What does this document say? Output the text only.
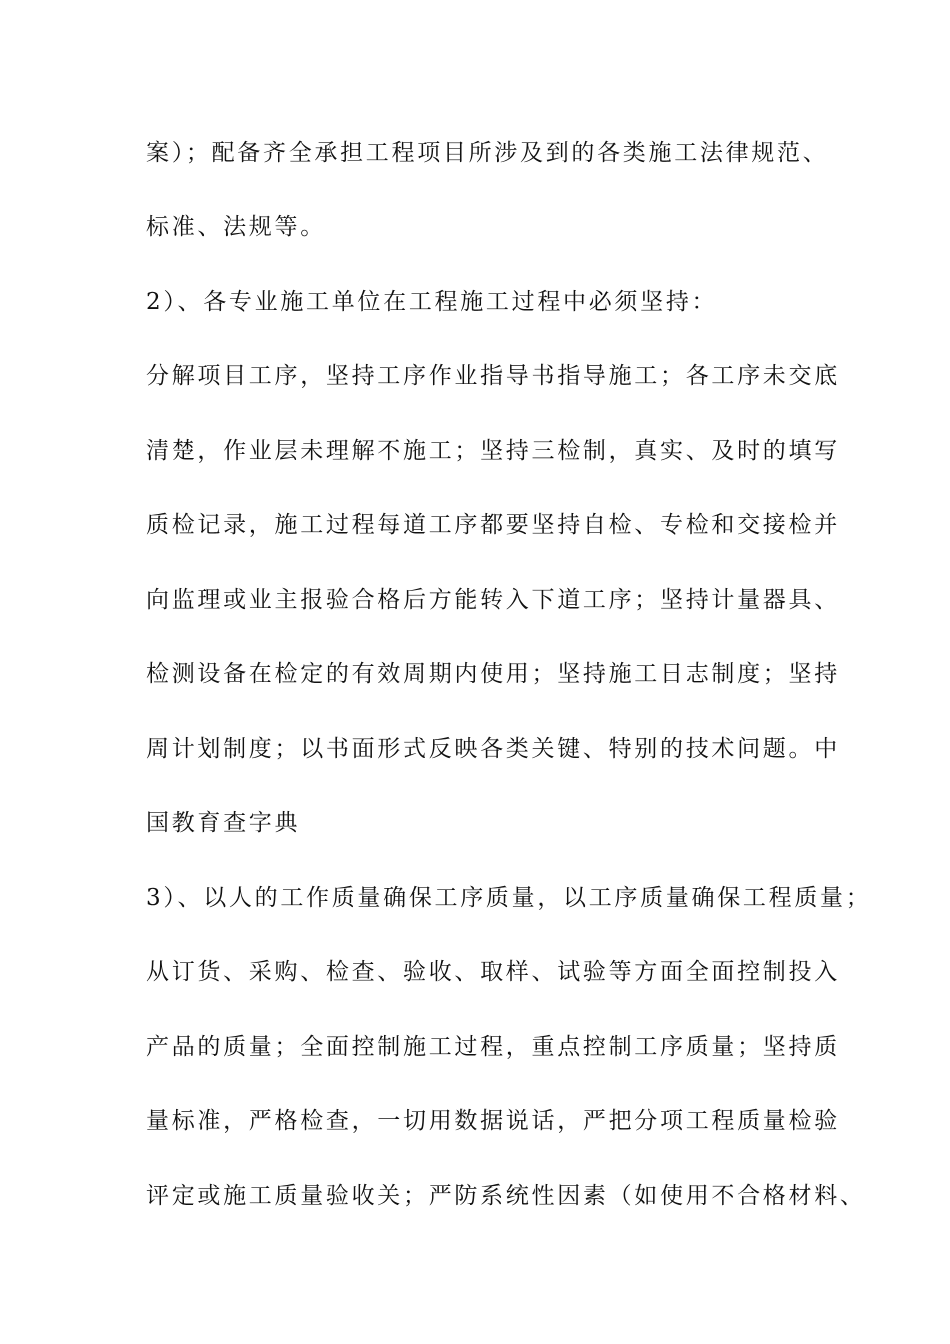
案）；配备齐全承担工程项目所涉及到的各类施工法律规范、
标准、法规等。
2）、各专业施工单位在工程施工过程中必须坚持：
分解项目工序，坚持工序作业指导书指导施工；各工序未交底
清楚，作业层未理解不施工；坚持三检制，真实、及时的填写
质检记录，施工过程每道工序都要坚持自检、专检和交接检并
向监理或业主报验合格后方能转入下道工序；坚持计量器具、
检测设备在检定的有效周期内使用；坚持施工日志制度；坚持
周计划制度；以书面形式反映各类关键、特别的技术问题。中
国教育查字典
3）、以人的工作质量确保工序质量，以工序质量确保工程质量；
从订货、采购、检查、验收、取样、试验等方面全面控制投入
产品的质量；全面控制施工过程，重点控制工序质量；坚持质
量标准，严格检查，一切用数据说话，严把分项工程质量检验
评定或施工质量验收关；严防系统性因素（如使用不合格材料、
